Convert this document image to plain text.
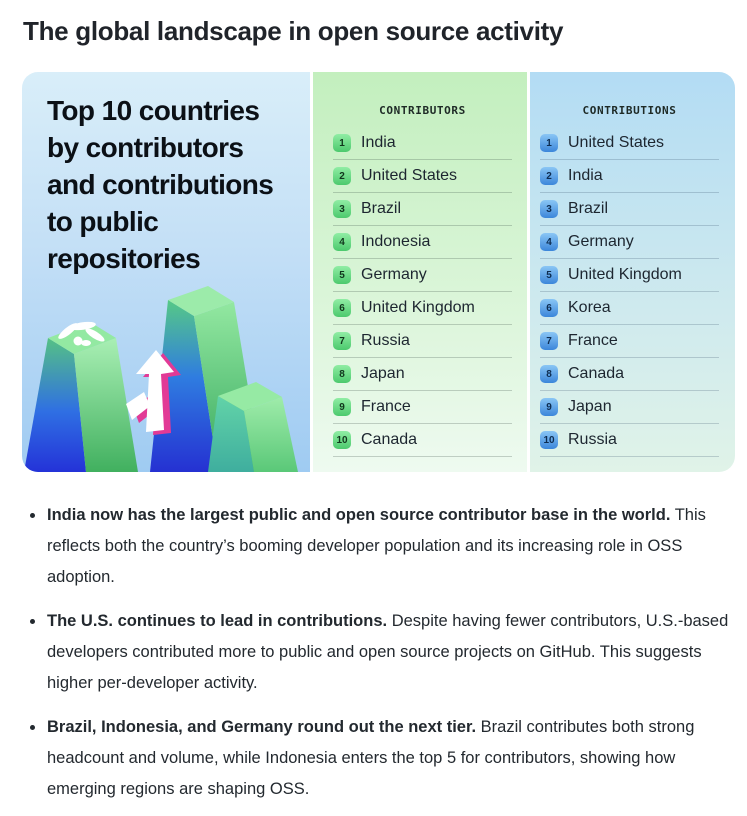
The global landscape in open source activity
Top 10 countries
by contributors
and contributions
to public
repositories
CONTRIBUTORS
1	India
2	United States
3	Brazil
4	Indonesia
5	Germany
6	United Kingdom
7	Russia
8	Japan
9	France
10 Canada
CONTRIBUTIONS
1	United States
2	India
3	Brazil
4	Germany
5	United Kingdom
6	Korea
7	France
8	Canada
9	Japan
10 Russia
India now has the largest public and open source contributor base in the world. This reflects both the country’s booming developer population and its increasing role in OSS adoption.
The U.S. continues to lead in contributions. Despite having fewer contributors, U.S.-based developers contributed more to public and open source projects on GitHub. This suggests higher per-developer activity.
Brazil, Indonesia, and Germany round out the next tier. Brazil contributes both strong headcount and volume, while Indonesia enters the top 5 for contributors, showing how emerging regions are shaping OSS.
